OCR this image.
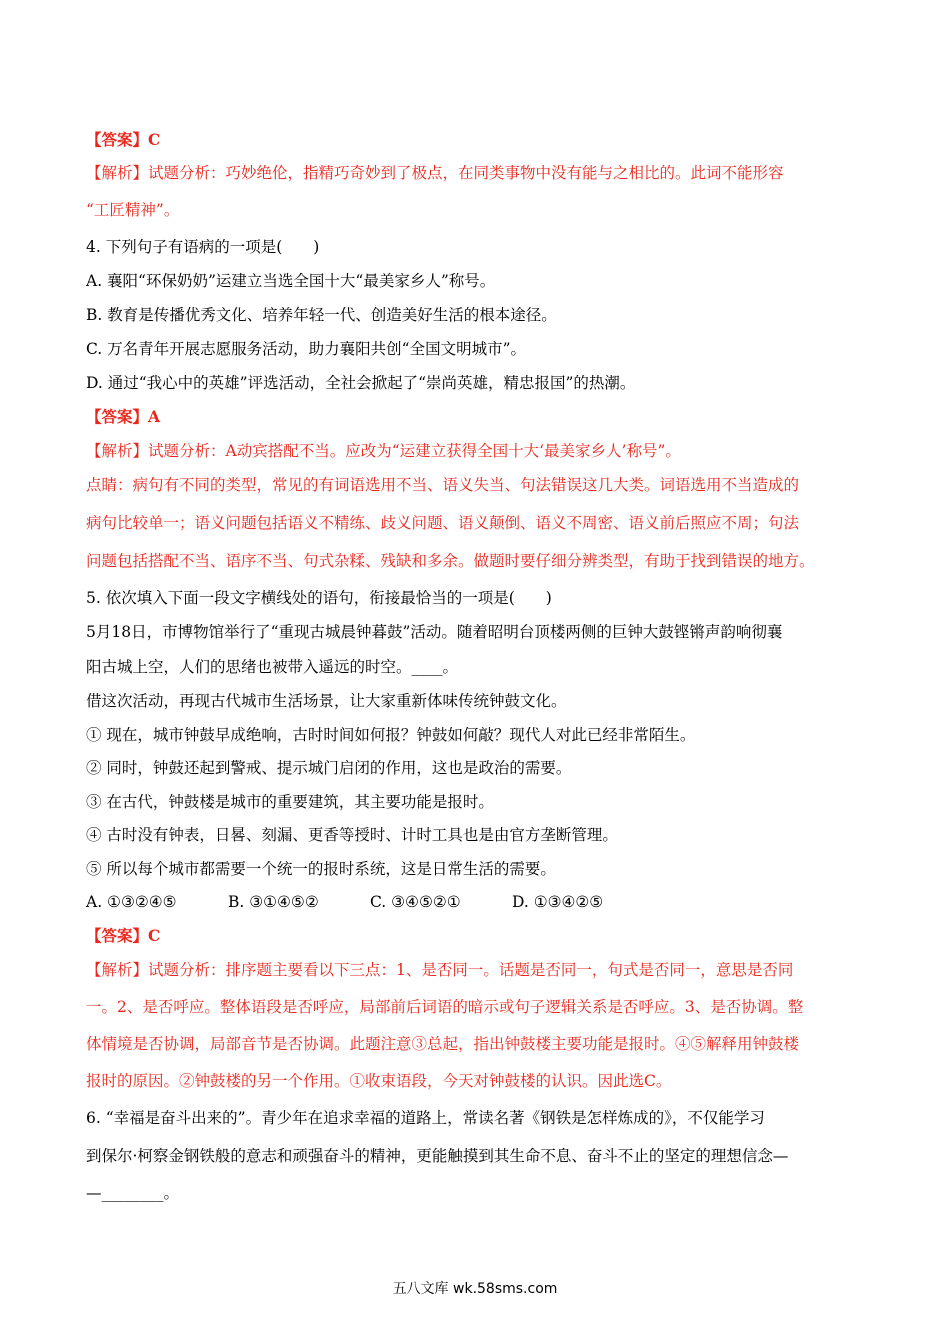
【答案】C
【解析】试题分析：巧妙绝伦，指精巧奇妙到了极点，在同类事物中没有能与之相比的。此词不能形容
“工匠精神”。
4. 下列句子有语病的一项是(　　)
A. 襄阳“环保奶奶”运建立当选全国十大“最美家乡人”称号。
B. 教育是传播优秀文化、培养年轻一代、创造美好生活的根本途径。
C. 万名青年开展志愿服务活动，助力襄阳共创“全国文明城市”。
D. 通过“我心中的英雄”评选活动，全社会掀起了“崇尚英雄，精忠报国”的热潮。
【答案】A
【解析】试题分析：A动宾搭配不当。应改为“运建立获得全国十大‘最美家乡人’称号”。
点睛：病句有不同的类型，常见的有词语选用不当、语义失当、句法错误这几大类。词语选用不当造成的
病句比较单一；语义问题包括语义不精练、歧义问题、语义颠倒、语义不周密、语义前后照应不周；句法
问题包括搭配不当、语序不当、句式杂糅、残缺和多余。做题时要仔细分辨类型，有助于找到错误的地方。
5. 依次填入下面一段文字横线处的语句，衔接最恰当的一项是(　　)
5月18日，市博物馆举行了“重现古城晨钟暮鼓”活动。随着昭明台顶楼两侧的巨钟大鼓铿锵声韵响彻襄
阳古城上空，人们的思绪也被带入遥远的时空。____。
借这次活动，再现古代城市生活场景，让大家重新体味传统钟鼓文化。
① 现在，城市钟鼓早成绝响，古时时间如何报？钟鼓如何敲？现代人对此已经非常陌生。
② 同时，钟鼓还起到警戒、提示城门启闭的作用，这也是政治的需要。
③ 在古代，钟鼓楼是城市的重要建筑，其主要功能是报时。
④ 古时没有钟表，日晷、刻漏、更香等授时、计时工具也是由官方垄断管理。
⑤ 所以每个城市都需要一个统一的报时系统，这是日常生活的需要。
A. ①③②④⑤	B. ③①④⑤②	C. ③④⑤②①	D. ①③④②⑤
【答案】C
【解析】试题分析：排序题主要看以下三点：1、是否同一。话题是否同一，句式是否同一，意思是否同
一。2、是否呼应。整体语段是否呼应，局部前后词语的暗示或句子逻辑关系是否呼应。3、是否协调。整
体情境是否协调，局部音节是否协调。此题注意③总起，指出钟鼓楼主要功能是报时。④⑤解释用钟鼓楼
报时的原因。②钟鼓楼的另一个作用。①收束语段，今天对钟鼓楼的认识。因此选C。
6. “幸福是奋斗出来的”。青少年在追求幸福的道路上，常读名著《钢铁是怎样炼成的》，不仅能学习
到保尔·柯察金钢铁般的意志和顽强奋斗的精神，更能触摸到其生命不息、奋斗不止的坚定的理想信念—
—________。
五八文库 wk.58sms.com
